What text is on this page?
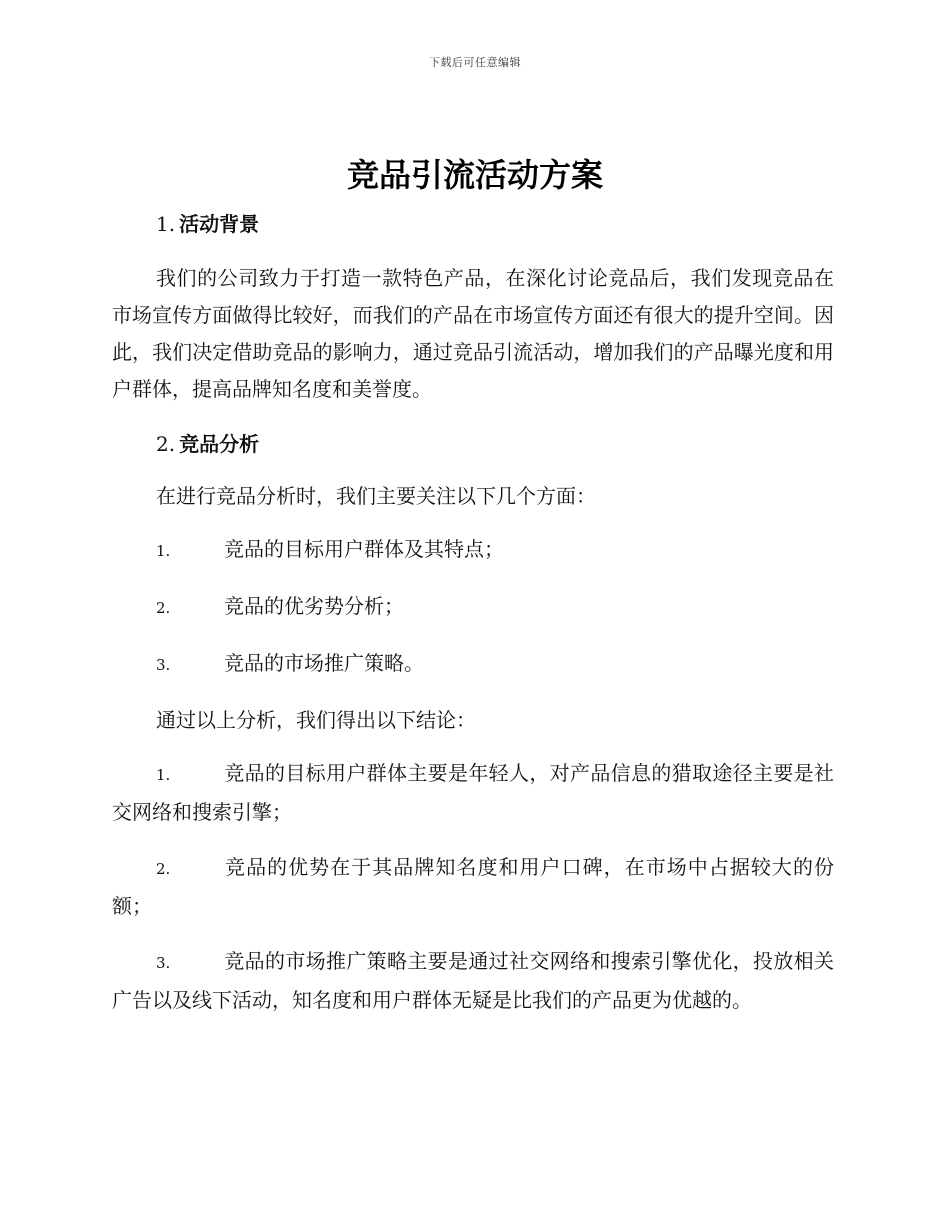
下载后可任意编辑
竞品引流活动方案
1. 活动背景

我们的公司致力于打造一款特色产品，在深化讨论竞品后，我们发现竞品在市场宣传方面做得比较好，而我们的产品在市场宣传方面还有很大的提升空间。因此，我们决定借助竞品的影响力，通过竞品引流活动，增加我们的产品曝光度和用户群体，提高品牌知名度和美誉度。

2. 竞品分析

在进行竞品分析时，我们主要关注以下几个方面：

1.	竞品的目标用户群体及其特点；

2.	竞品的优劣势分析；

3.	竞品的市场推广策略。

通过以上分析，我们得出以下结论：

1.	竞品的目标用户群体主要是年轻人，对产品信息的猎取途径主要是社交网络和搜索引擎；

2.	竞品的优势在于其品牌知名度和用户口碑，在市场中占据较大的份额；

3.	竞品的市场推广策略主要是通过社交网络和搜索引擎优化，投放相关广告以及线下活动，知名度和用户群体无疑是比我们的产品更为优越的。
